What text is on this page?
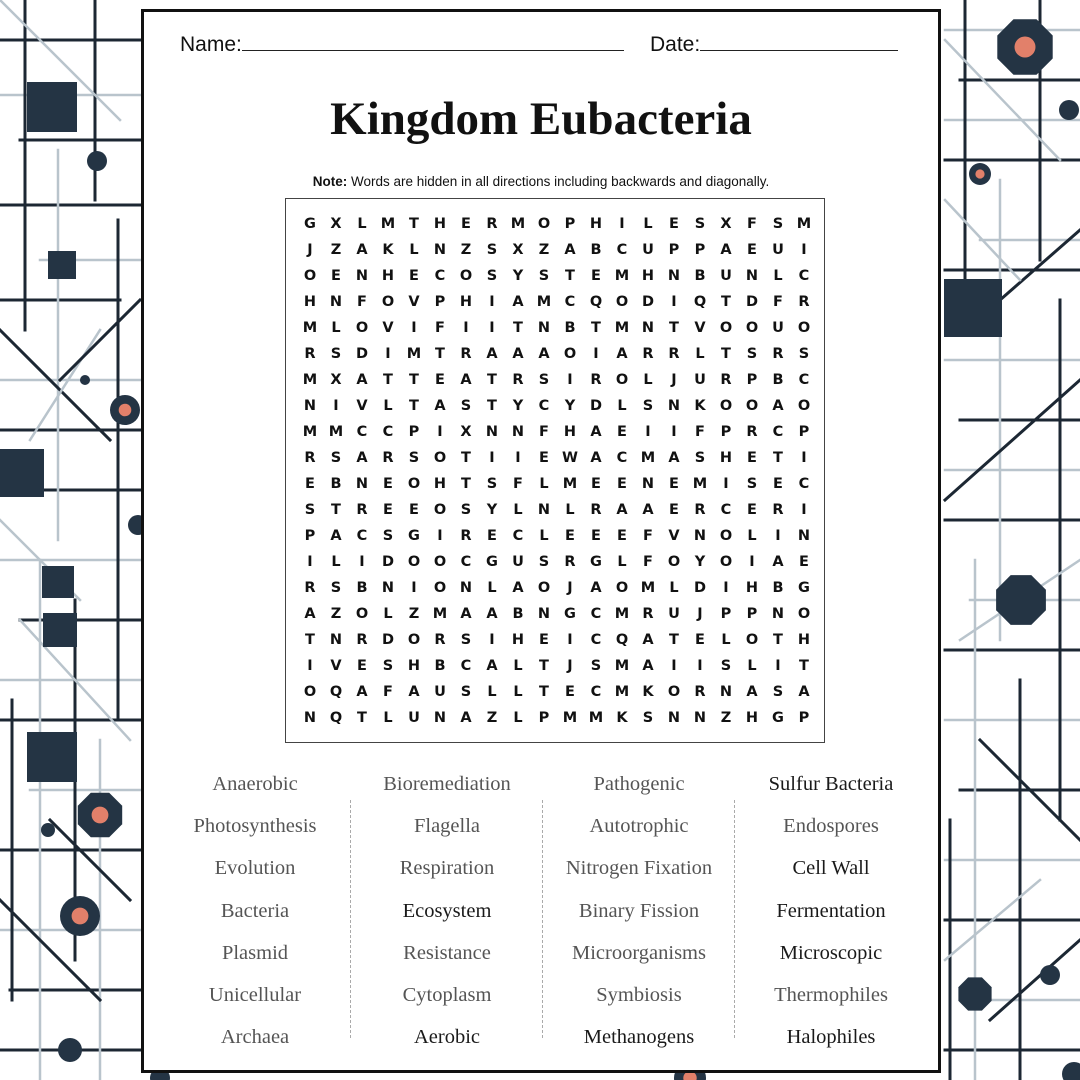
Name:	Date:
Kingdom Eubacteria
Note: Words are hidden in all directions including backwards and diagonally.
G X	L M T	H	E	R M O	P	H	I	L	E	S	X	F	S M
J	Z	A	K	L	N	Z	S	X	Z	A	B	C	U	P	P	A	E	U	I
O	E	N H	E	C	O	S	Y	S	T	E M H N B	U N	L	C
H N	F	O V	P	H	I	A M C	Q O D	I	Q	T	D	F	R
M L	O V	I	F	I	I	T	N B	T M N	T	V O O U O
R	S	D	I	M T	R	A	A	A O	I	A	R	R	L	T	S	R	S
M X	A	T	T	E	A	T	R	S	I	R O	L	J	U	R	P	B	C
N	I	V	L	T	A	S	T	Y	C	Y	D	L	S	N K O O A O
M M C	C	P	I	X N N	F	H A	E	I	I	F	P	R	C	P
R	S	A	R	S	O	T	I	I	E W A	C M A	S	H	E	T	I
E	B N	E	O H	T	S	F	L M E	E	N	E M	I	S	E	C
S	T	R	E	E	O	S	Y	L	N	L	R	A	A	E	R	C	E	R	I
P	A	C	S	G	I	R	E	C	L	E	E	E	F	V N O	L	I	N
I	L	I	D O O	C	G U	S	R G	L	F	O	Y	O	I	A	E
R	S	B N	I	O N	L	A O	J	A O M L	D	I	H B	G
A	Z	O	L	Z M A	A	B N G	C M R	U	J	P	P	N O
T	N R D O R	S	I	H	E	I	C	Q A	T	E	L	O	T	H
I	V	E	S	H B	C	A	L	T	J	S M A	I	I	S	L	I	T
O Q A	F	A	U	S	L	L	T	E	C M K O R N A	S	A
N Q	T	L	U N A	Z	L	P M M K	S	N N	Z	H G	P
Anaerobic
Photosynthesis
Evolution
Bacteria
Plasmid
Unicellular
Archaea
Bioremediation
Flagella
Respiration
Ecosystem
Resistance
Cytoplasm
Aerobic
Pathogenic
Autotrophic
Nitrogen Fixation
Binary Fission
Microorganisms
Symbiosis
Methanogens
Sulfur Bacteria
Endospores
Cell Wall
Fermentation
Microscopic
Thermophiles
Halophiles
